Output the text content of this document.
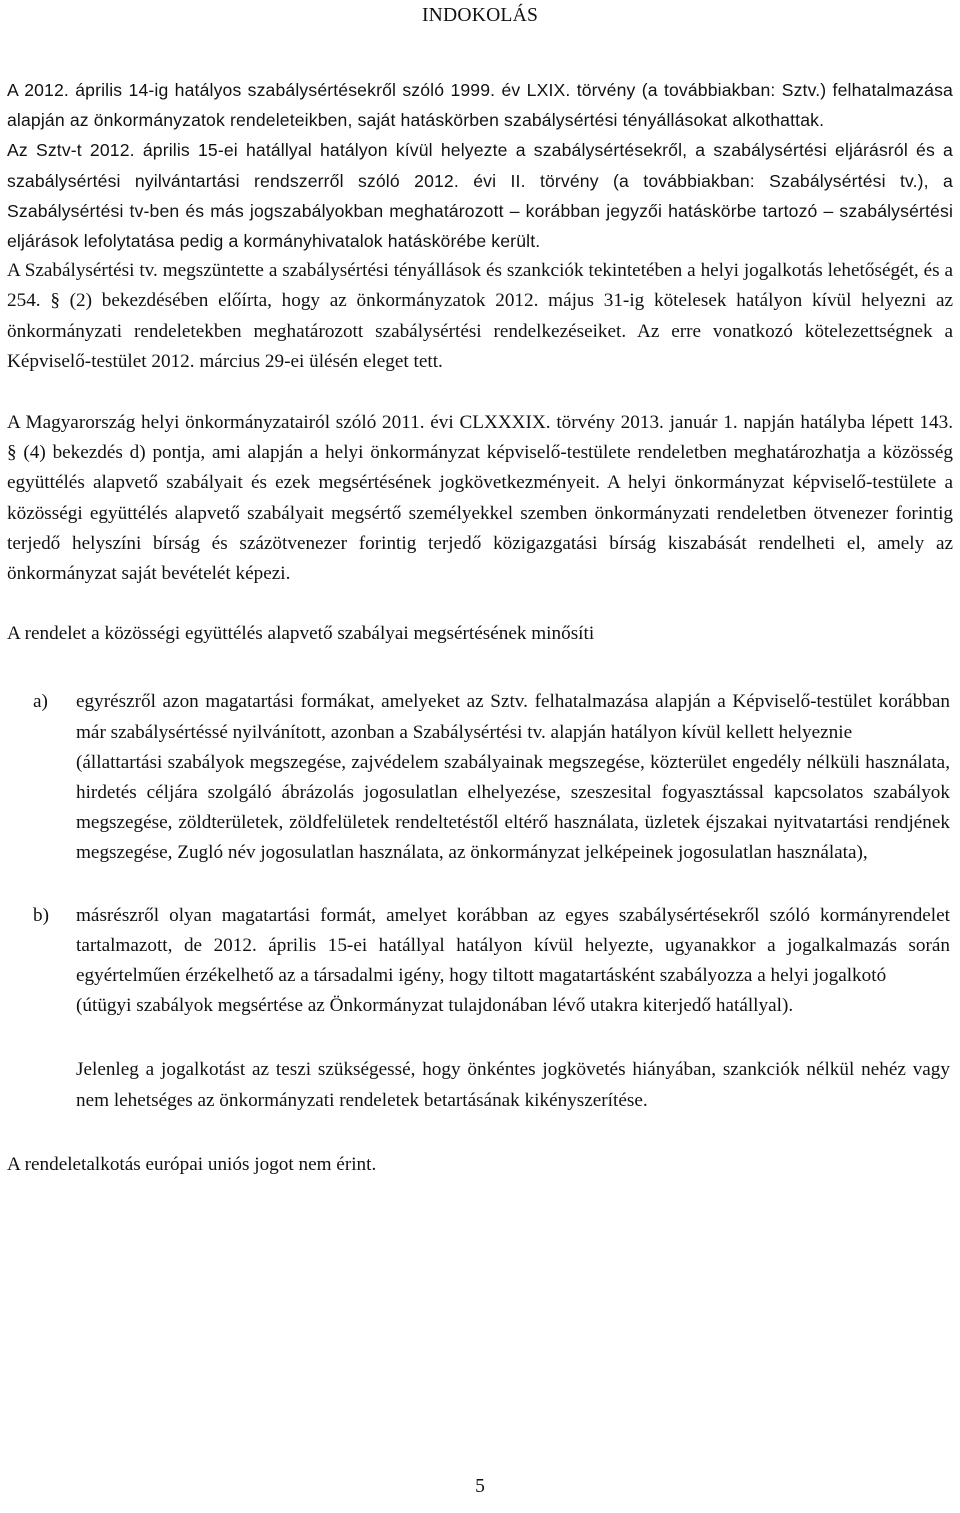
INDOKOLÁS

A 2012. április 14-ig hatályos szabálysértésekről szóló 1999. év LXIX. törvény (a továbbiakban: Sztv.) felhatalmazása alapján az önkormányzatok rendeleteikben, saját hatáskörben szabálysértési tényállásokat alkothattak.

Az Sztv-t 2012. április 15-ei hatállyal hatályon kívül helyezte a szabálysértésekről, a szabálysértési eljárásról és a szabálysértési nyilvántartási rendszerről szóló 2012. évi II. törvény (a továbbiakban: Szabálysértési tv.), a Szabálysértési tv-ben és más jogszabályokban meghatározott – korábban jegyzői hatáskörbe tartozó – szabálysértési eljárások lefolytatása pedig a kormányhivatalok hatáskörébe került.

A Szabálysértési tv. megszüntette a szabálysértési tényállások és szankciók tekintetében a helyi jogalkotás lehetőségét, és a 254. § (2) bekezdésében előírta, hogy az önkormányzatok 2012. május 31-ig kötelesek hatályon kívül helyezni az önkormányzati rendeletekben meghatározott szabálysértési rendelkezéseiket. Az erre vonatkozó kötelezettségnek a Képviselő-testület 2012. március 29-ei ülésén eleget tett.

A Magyarország helyi önkormányzatairól szóló 2011. évi CLXXXIX. törvény 2013. január 1. napján hatályba lépett 143. § (4) bekezdés d) pontja, ami alapján a helyi önkormányzat képviselő-testülete rendeletben meghatározhatja a közösség együttélés alapvető szabályait és ezek megsértésének jogkövetkezményeit. A helyi önkormányzat képviselő-testülete a közösségi együttélés alapvető szabályait megsértő személyekkel szemben önkormányzati rendeletben ötvenezer forintig terjedő helyszíni bírság és százötvenezer forintig terjedő közigazgatási bírság kiszabását rendelheti el, amely az önkormányzat saját bevételét képezi.

A rendelet a közösségi együttélés alapvető szabályai megsértésének minősíti

a)	egyrészről azon magatartási formákat, amelyeket az Sztv. felhatalmazása alapján a Képviselő-testület korábban már szabálysértéssé nyilvánított, azonban a Szabálysértési tv. alapján hatályon kívül kellett helyeznie

(állattartási szabályok megszegése, zajvédelem szabályainak megszegése, közterület engedély nélküli használata, hirdetés céljára szolgáló ábrázolás jogosulatlan elhelyezése, szeszesital fogyasztással kapcsolatos szabályok megszegése, zöldterületek, zöldfelületek rendeltetéstől eltérő használata, üzletek éjszakai nyitvatartási rendjének megszegése, Zugló név jogosulatlan használata, az önkormányzat jelképeinek jogosulatlan használata),

b)	másrészről olyan magatartási formát, amelyet korábban az egyes szabálysértésekről szóló kormányrendelet tartalmazott, de 2012. április 15-ei hatállyal hatályon kívül helyezte, ugyanakkor a jogalkalmazás során egyértelműen érzékelhető az a társadalmi igény, hogy tiltott magatartásként szabályozza a helyi jogalkotó

(útügyi szabályok megsértése az Önkormányzat tulajdonában lévő utakra kiterjedő hatállyal).

Jelenleg a jogalkotást az teszi szükségessé, hogy önkéntes jogkövetés hiányában, szankciók nélkül nehéz vagy nem lehetséges az önkormányzati rendeletek betartásának kikényszerítése.

A rendeletalkotás európai uniós jogot nem érint.

5
